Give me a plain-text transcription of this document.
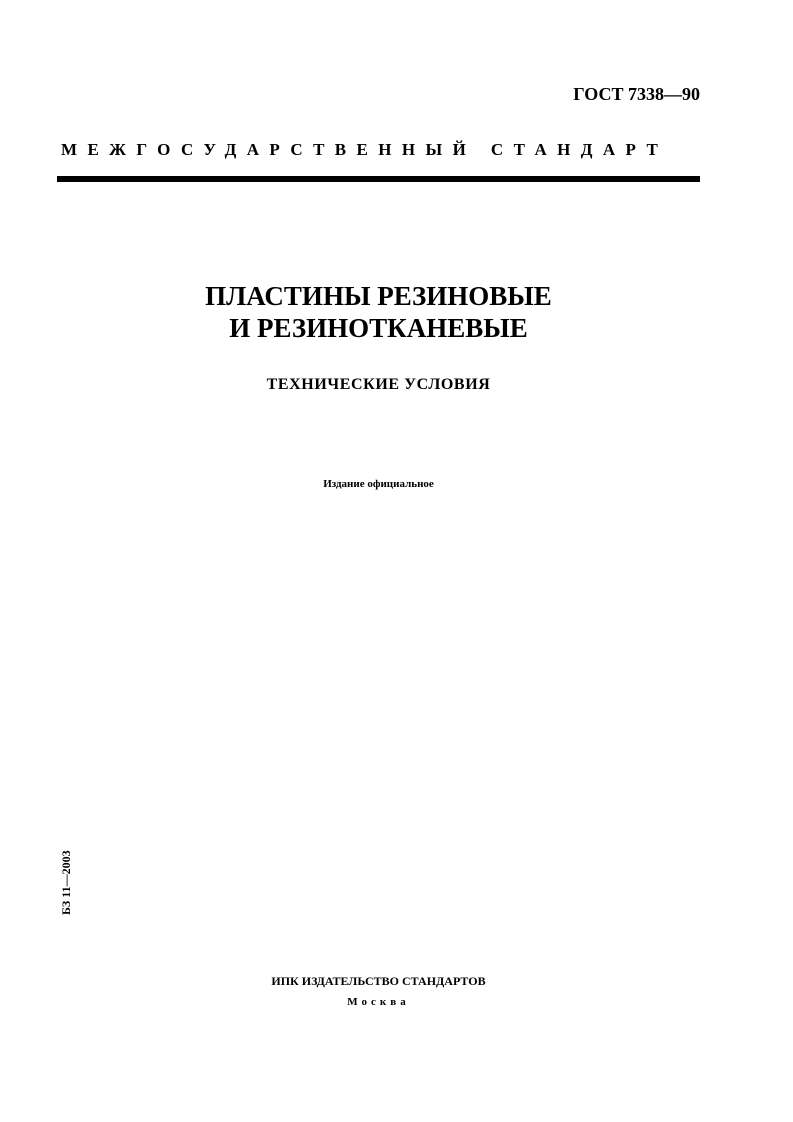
ГОСТ 7338—90
МЕЖГОСУДАРСТВЕННЫЙ СТАНДАРТ
ПЛАСТИНЫ РЕЗИНОВЫЕ
И РЕЗИНОТКАНЕВЫЕ
ТЕХНИЧЕСКИЕ УСЛОВИЯ
Издание официальное
БЗ 11—2003
ИПК ИЗДАТЕЛЬСТВО СТАНДАРТОВ
Москва
